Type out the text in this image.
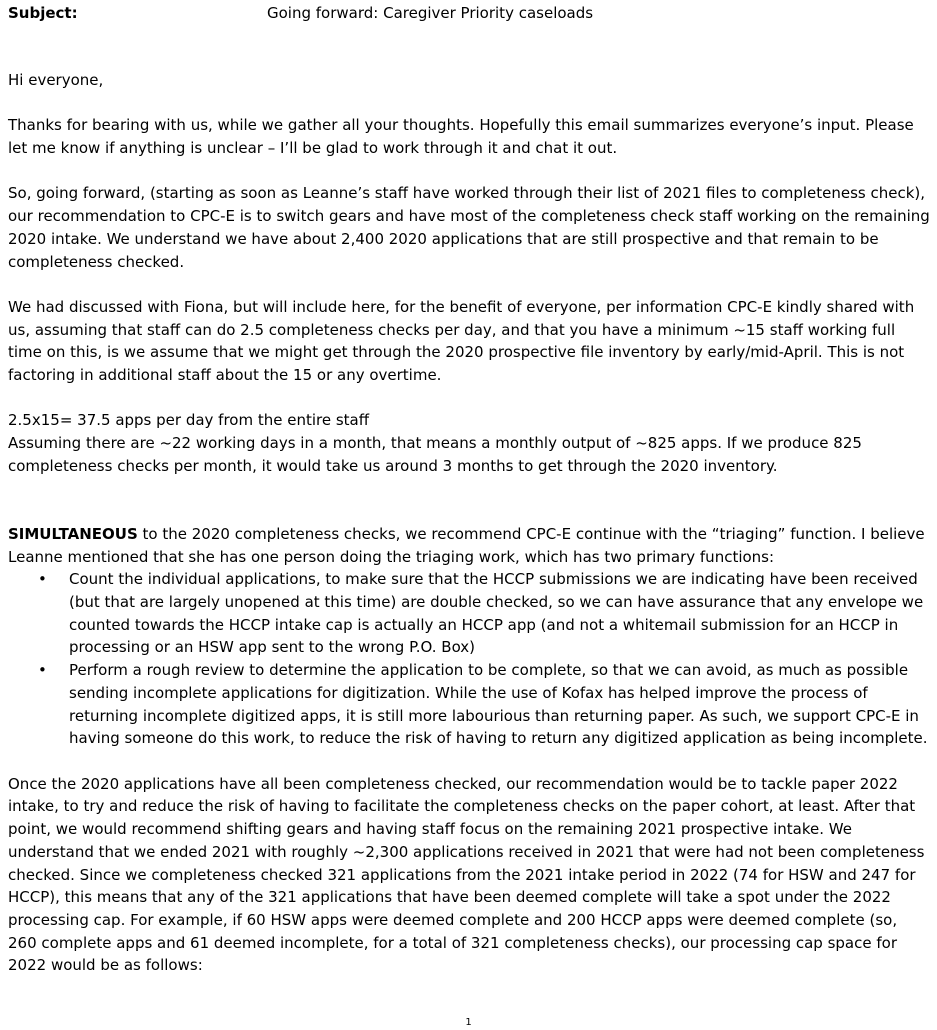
Subject:	Going forward: Caregiver Priority caseloads

Hi everyone,

Thanks for bearing with us, while we gather all your thoughts. Hopefully this email summarizes everyone’s input. Please let me know if anything is unclear – I’ll be glad to work through it and chat it out.

So, going forward, (starting as soon as Leanne’s staff have worked through their list of 2021 files to completeness check), our recommendation to CPC-E is to switch gears and have most of the completeness check staff working on the remaining 2020 intake. We understand we have about 2,400 2020 applications that are still prospective and that remain to be completeness checked.

We had discussed with Fiona, but will include here, for the benefit of everyone, per information CPC-E kindly shared with us, assuming that staff can do 2.5 completeness checks per day, and that you have a minimum ~15 staff working full time on this, is we assume that we might get through the 2020 prospective file inventory by early/mid-April. This is not factoring in additional staff about the 15 or any overtime.

2.5x15= 37.5 apps per day from the entire staff

Assuming there are ~22 working days in a month, that means a monthly output of ~825 apps. If we produce 825 completeness checks per month, it would take us around 3 months to get through the 2020 inventory.

SIMULTANEOUS to the 2020 completeness checks, we recommend CPC-E continue with the “triaging” function. I believe Leanne mentioned that she has one person doing the triaging work, which has two primary functions:

• Count the individual applications, to make sure that the HCCP submissions we are indicating have been received (but that are largely unopened at this time) are double checked, so we can have assurance that any envelope we counted towards the HCCP intake cap is actually an HCCP app (and not a whitemail submission for an HCCP in processing or an HSW app sent to the wrong P.O. Box)
• Perform a rough review to determine the application to be complete, so that we can avoid, as much as possible sending incomplete applications for digitization. While the use of Kofax has helped improve the process of returning incomplete digitized apps, it is still more labourious than returning paper. As such, we support CPC-E in having someone do this work, to reduce the risk of having to return any digitized application as being incomplete.

Once the 2020 applications have all been completeness checked, our recommendation would be to tackle paper 2022 intake, to try and reduce the risk of having to facilitate the completeness checks on the paper cohort, at least. After that point, we would recommend shifting gears and having staff focus on the remaining 2021 prospective intake. We understand that we ended 2021 with roughly ~2,300 applications received in 2021 that were had not been completeness checked. Since we completeness checked 321 applications from the 2021 intake period in 2022 (74 for HSW and 247 for HCCP), this means that any of the 321 applications that have been deemed complete will take a spot under the 2022 processing cap. For example, if 60 HSW apps were deemed complete and 200 HCCP apps were deemed complete (so, 260 complete apps and 61 deemed incomplete, for a total of 321 completeness checks), our processing cap space for 2022 would be as follows:

1
